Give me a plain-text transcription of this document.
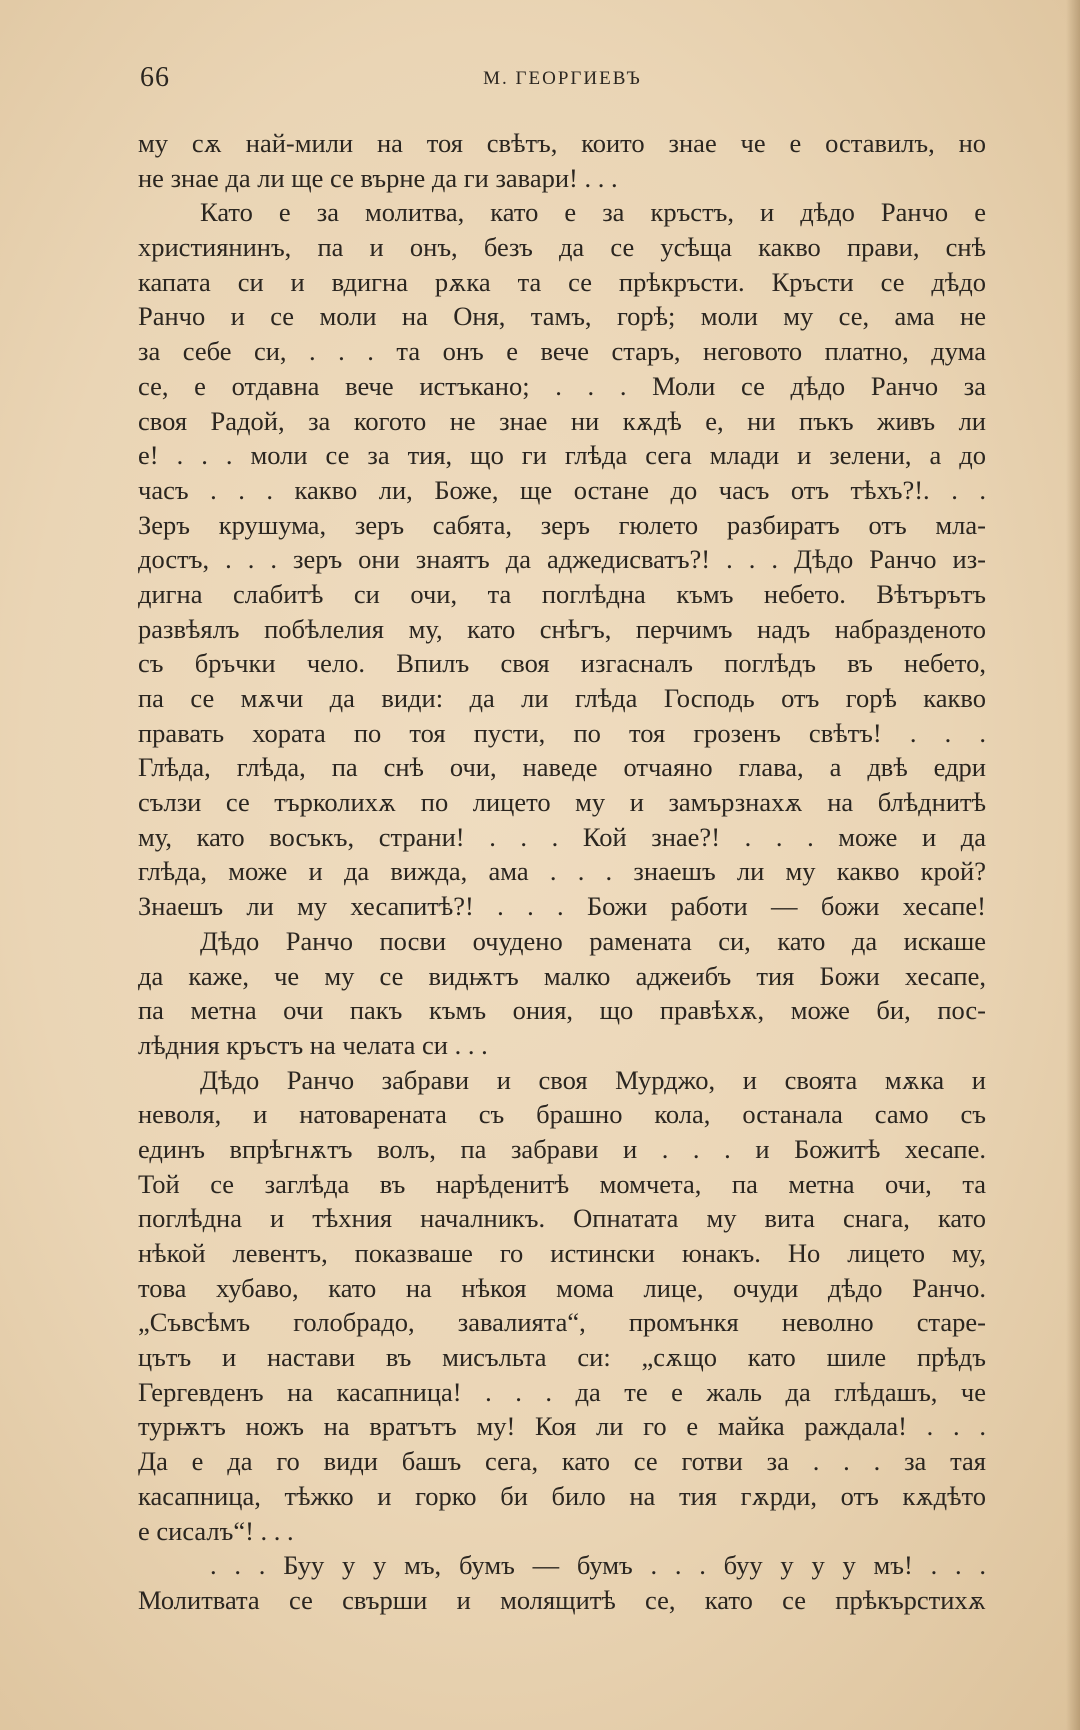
66	М. ГЕОРГИЕВЪ
му сѫ най-мили на тоя свѣтъ, които знае че е оставилъ, но
не знае да ли ще се върне да ги завари! . . .
Като е за молитва, като е за кръстъ, и дѣдо Ранчо е
християнинъ, па и онъ, безъ да се усѣща какво прави, снѣ
капата си и вдигна рѫка та се прѣкръсти. Кръсти се дѣдо
Ранчо и се моли на Оня, тамъ, горѣ; моли му се, ама не
за себе си, . . . та онъ е вече старъ, неговото платно, дума
се, е отдавна вече истъкано; . . . Моли се дѣдо Ранчо за
своя Радой, за когото не знае ни кѫдѣ е, ни пъкъ живъ ли
е! . . . моли се за тия, що ги глѣда сега млади и зелени, а до
часъ . . . какво ли, Боже, ще остане до часъ отъ тѣхъ?!. . .
Зеръ крушума, зеръ сабята, зеръ гюлето разбиратъ отъ мла-
достъ, . . . зеръ они знаятъ да аджедисватъ?! . . . Дѣдо Ранчо из-
дигна слабитѣ си очи, та поглѣдна къмъ небето. Вѣтърътъ
развѣялъ побѣлелия му, като снѣгъ, перчимъ надъ набразденото
съ бръчки чело. Впилъ своя изгасналъ поглѣдъ въ небето,
па се мѫчи да види: да ли глѣда Господь отъ горѣ какво
правать хората по тоя пусти, по тоя грозенъ свѣтъ! . . .
Глѣда, глѣда, па снѣ очи, наведе отчаяно глава, а двѣ едри
сълзи се търколихѫ по лицето му и замързнахѫ на блѣднитѣ
му, като восъкъ, страни! . . . Кой знае?! . . . може и да
глѣда, може и да вижда, ама . . . знаешъ ли му какво крой?
Знаешъ ли му хесапитѣ?! . . . Божи работи — божи хесапе!
Дѣдо Ранчо посви очудено рамената си, като да искаше
да каже, че му се видѭтъ малко аджеибъ тия Божи хесапе,
па метна очи пакъ къмъ ония, що правѣхѫ, може би, пос-
лѣдния кръстъ на челата си . . .
Дѣдо Ранчо забрави и своя Мурджо, и своята мѫка и
неволя, и натоварената съ брашно кола, останала само съ
единъ впрѣгнѫтъ волъ, па забрави и . . . и Божитѣ хесапе.
Той се заглѣда въ нарѣденитѣ момчета, па метна очи, та
поглѣдна и тѣхния началникъ. Опнатата му вита снага, като
нѣкой левентъ, показваше го истински юнакъ. Но лицето му,
това хубаво, като на нѣкоя мома лице, очуди дѣдо Ранчо.
„Съвсѣмъ голобрадо, завалията“, промънкя неволно старе-
цътъ и настави въ мисъльта си: „сѫщо като шиле прѣдъ
Гергевденъ на касапница! . . . да те е жаль да глѣдашъ, че
турѭтъ ножъ на вратътъ му! Коя ли го е майка раждала! . . .
Да е да го види башъ сега, като се готви за . . . за тая
касапница, тѣжко и горко би било на тия гѫрди, отъ кѫдѣто
е сисалъ“! . . .
. . . Буу у у мъ, бумъ — бумъ . . . буу у у у мъ! . . .
Молитвата се свърши и молящитѣ се, като се прѣкърстихѫ
